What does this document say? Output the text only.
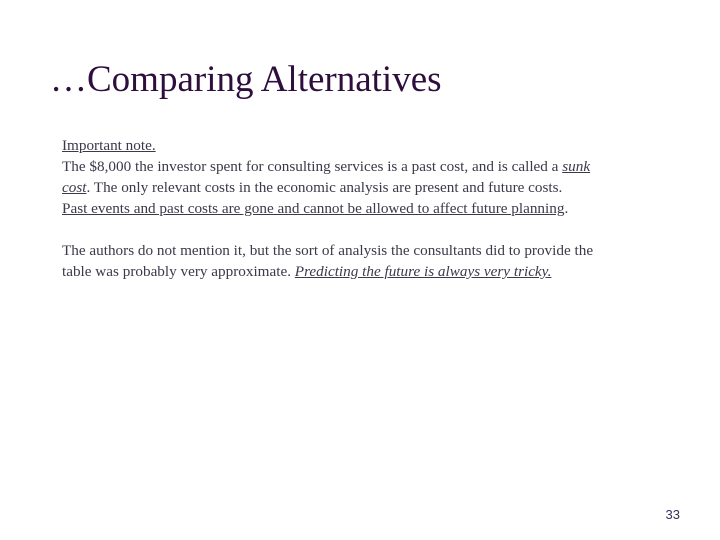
…Comparing Alternatives

Important note.

The $8,000 the investor spent for consulting services is a past cost, and is called a sunk

cost. The only relevant costs in the economic analysis are present and future costs.

Past events and past costs are gone and cannot be allowed to affect future planning.

The authors do not mention it, but the sort of analysis the consultants did to provide the

table was probably very approximate. Predicting the future is always very tricky.

33
